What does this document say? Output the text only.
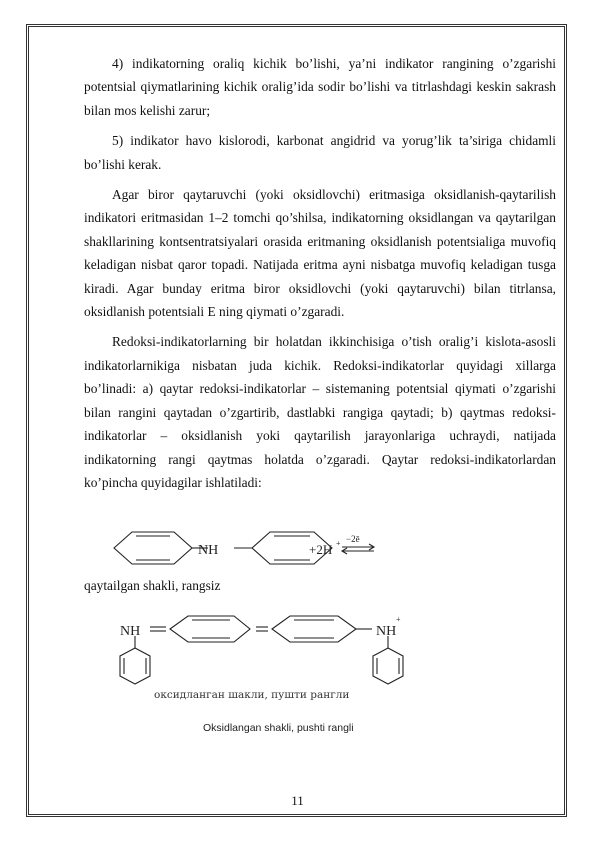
4) indikatorning oraliq kichik bo’lishi, ya’ni indikator rangining o’zgarishi potentsial qiymatlarining kichik oralig’ida sodir bo’lishi va titrlashdagi keskin sakrash bilan mos kelishi zarur;

5) indikator havo kislorodi, karbonat angidrid va yorug’lik ta’siriga chidamli bo’lishi kerak.

Agar biror qaytaruvchi (yoki oksidlovchi) eritmasiga oksidlanish-qaytarilish indikatori eritmasidan 1–2 tomchi qo’shilsa, indikatorning oksidlangan va qaytarilgan shakllarining kontsentratsiyalari orasida eritmaning oksidlanish potentsialiga muvofiq keladigan nisbat qaror topadi. Natijada eritma ayni nisbatga muvofiq keladigan tusga kiradi. Agar bunday eritma biror oksidlovchi (yoki qaytaruvchi) bilan titrlansa, oksidlanish potentsiali E ning qiymati o’zgaradi.

Redoksi-indikatorlarning bir holatdan ikkinchisiga o’tish oralig’i kislota-asosli indikatorlarnikiga nisbatan juda kichik. Redoksi-indikatorlar quyidagi xillarga bo’linadi: a) qaytar redoksi-indikatorlar – sistemaning potentsial qiymati o’zgarishi bilan rangini qaytadan o’zgartirib, dastlabki rangiga qaytadi; b) qaytmas redoksi-indikatorlar – oksidlanish yoki qaytarilish jarayonlariga uchraydi, natijada indikatorning rangi qaytmas holatda o’zgaradi. Qaytar redoksi-indikatorlardan ko’pincha quyidagilar ishlatiladi:

NH	+2H + −2ē
qaytailgan shakli, rangsiz
NH	NH
+
оксидланган шакли, пушти рангли
Oksidlangan shakli, pushti rangli
11
